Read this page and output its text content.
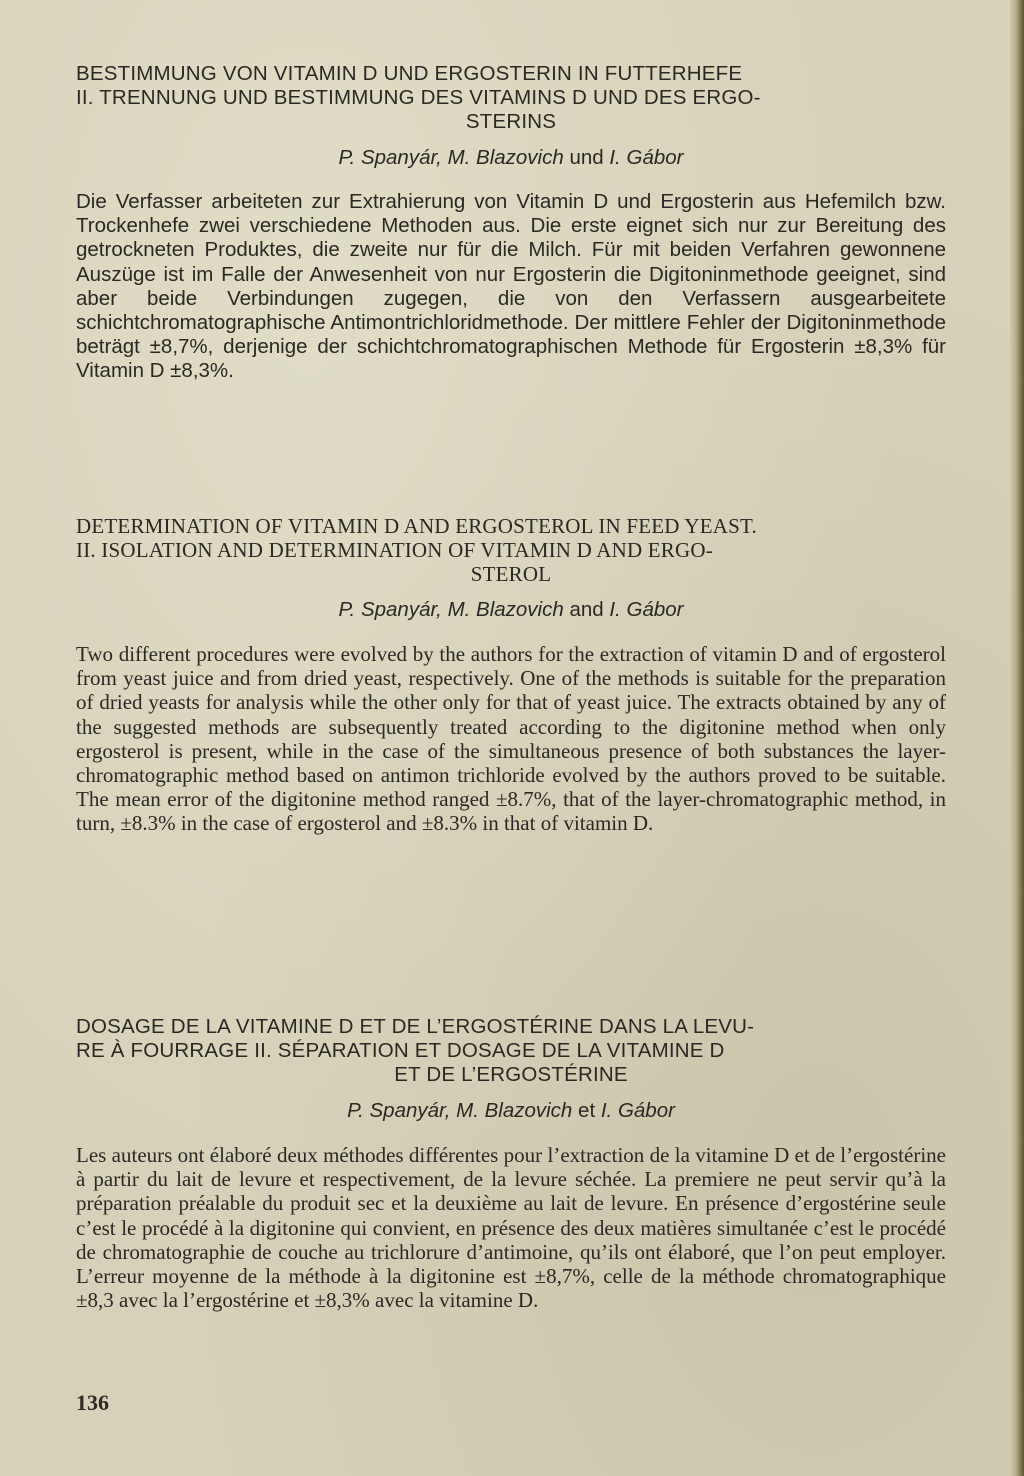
BESTIMMUNG VON VITAMIN D UND ERGOSTERIN IN FUTTERHEFE
II. TRENNUNG UND BESTIMMUNG DES VITAMINS D UND DES ERGO-
STERINS
P. Spanyár, M. Blazovich und I. Gábor

Die Verfasser arbeiteten zur Extrahierung von Vitamin D und Ergosterin aus Hefemilch bzw. Trockenhefe zwei verschiedene Methoden aus. Die erste eignet sich nur zur Bereitung des getrockneten Produktes, die zweite nur für die Milch. Für mit beiden Verfahren gewonnene Auszüge ist im Falle der Anwesenheit von nur Ergosterin die Digitoninmethode geeignet, sind aber beide Verbindungen zugegen, die von den Verfassern ausgearbeitete schichtchromatographische Antimontrichloridmethode. Der mittlere Fehler der Digitoninmethode beträgt ±8,7%, derjenige der schichtchromatographischen Methode für Ergosterin ±8,3% für Vitamin D ±8,3%.

DETERMINATION OF VITAMIN D AND ERGOSTEROL IN FEED YEAST.
II. ISOLATION AND DETERMINATION OF VITAMIN D AND ERGO-
STEROL
P. Spanyár, M. Blazovich and I. Gábor

Two different procedures were evolved by the authors for the extraction of vitamin D and of ergosterol from yeast juice and from dried yeast, respectively. One of the methods is suitable for the preparation of dried yeasts for analysis while the other only for that of yeast juice. The extracts obtained by any of the suggested methods are subsequently treated according to the digitonine method when only ergosterol is present, while in the case of the simultaneous presence of both substances the layer-chromatographic method based on antimon trichloride evolved by the authors proved to be suitable. The mean error of the digitonine method ranged ±8.7%, that of the layer-chromatographic method, in turn, ±8.3% in the case of ergosterol and ±8.3% in that of vitamin D.

DOSAGE DE LA VITAMINE D ET DE L’ERGOSTÉRINE DANS LA LEVU-
RE À FOURRAGE II. SÉPARATION ET DOSAGE DE LA VITAMINE D
ET DE L’ERGOSTÉRINE
P. Spanyár, M. Blazovich et I. Gábor

Les auteurs ont élaboré deux méthodes différentes pour l’extraction de la vitamine D et de l’ergostérine à partir du lait de levure et respectivement, de la levure séchée. La premiere ne peut servir qu’à la préparation préalable du produit sec et la deuxième au lait de levure. En présence d’ergostérine seule c’est le procédé à la digitonine qui convient, en présence des deux matières simultanée c’est le procédé de chromatographie de couche au trichlorure d’antimoine, qu’ils ont élaboré, que l’on peut employer. L’erreur moyenne de la méthode à la digitonine est ±8,7%, celle de la méthode chromatographique ±8,3 avec la l’ergostérine et ±8,3% avec la vitamine D.

136
